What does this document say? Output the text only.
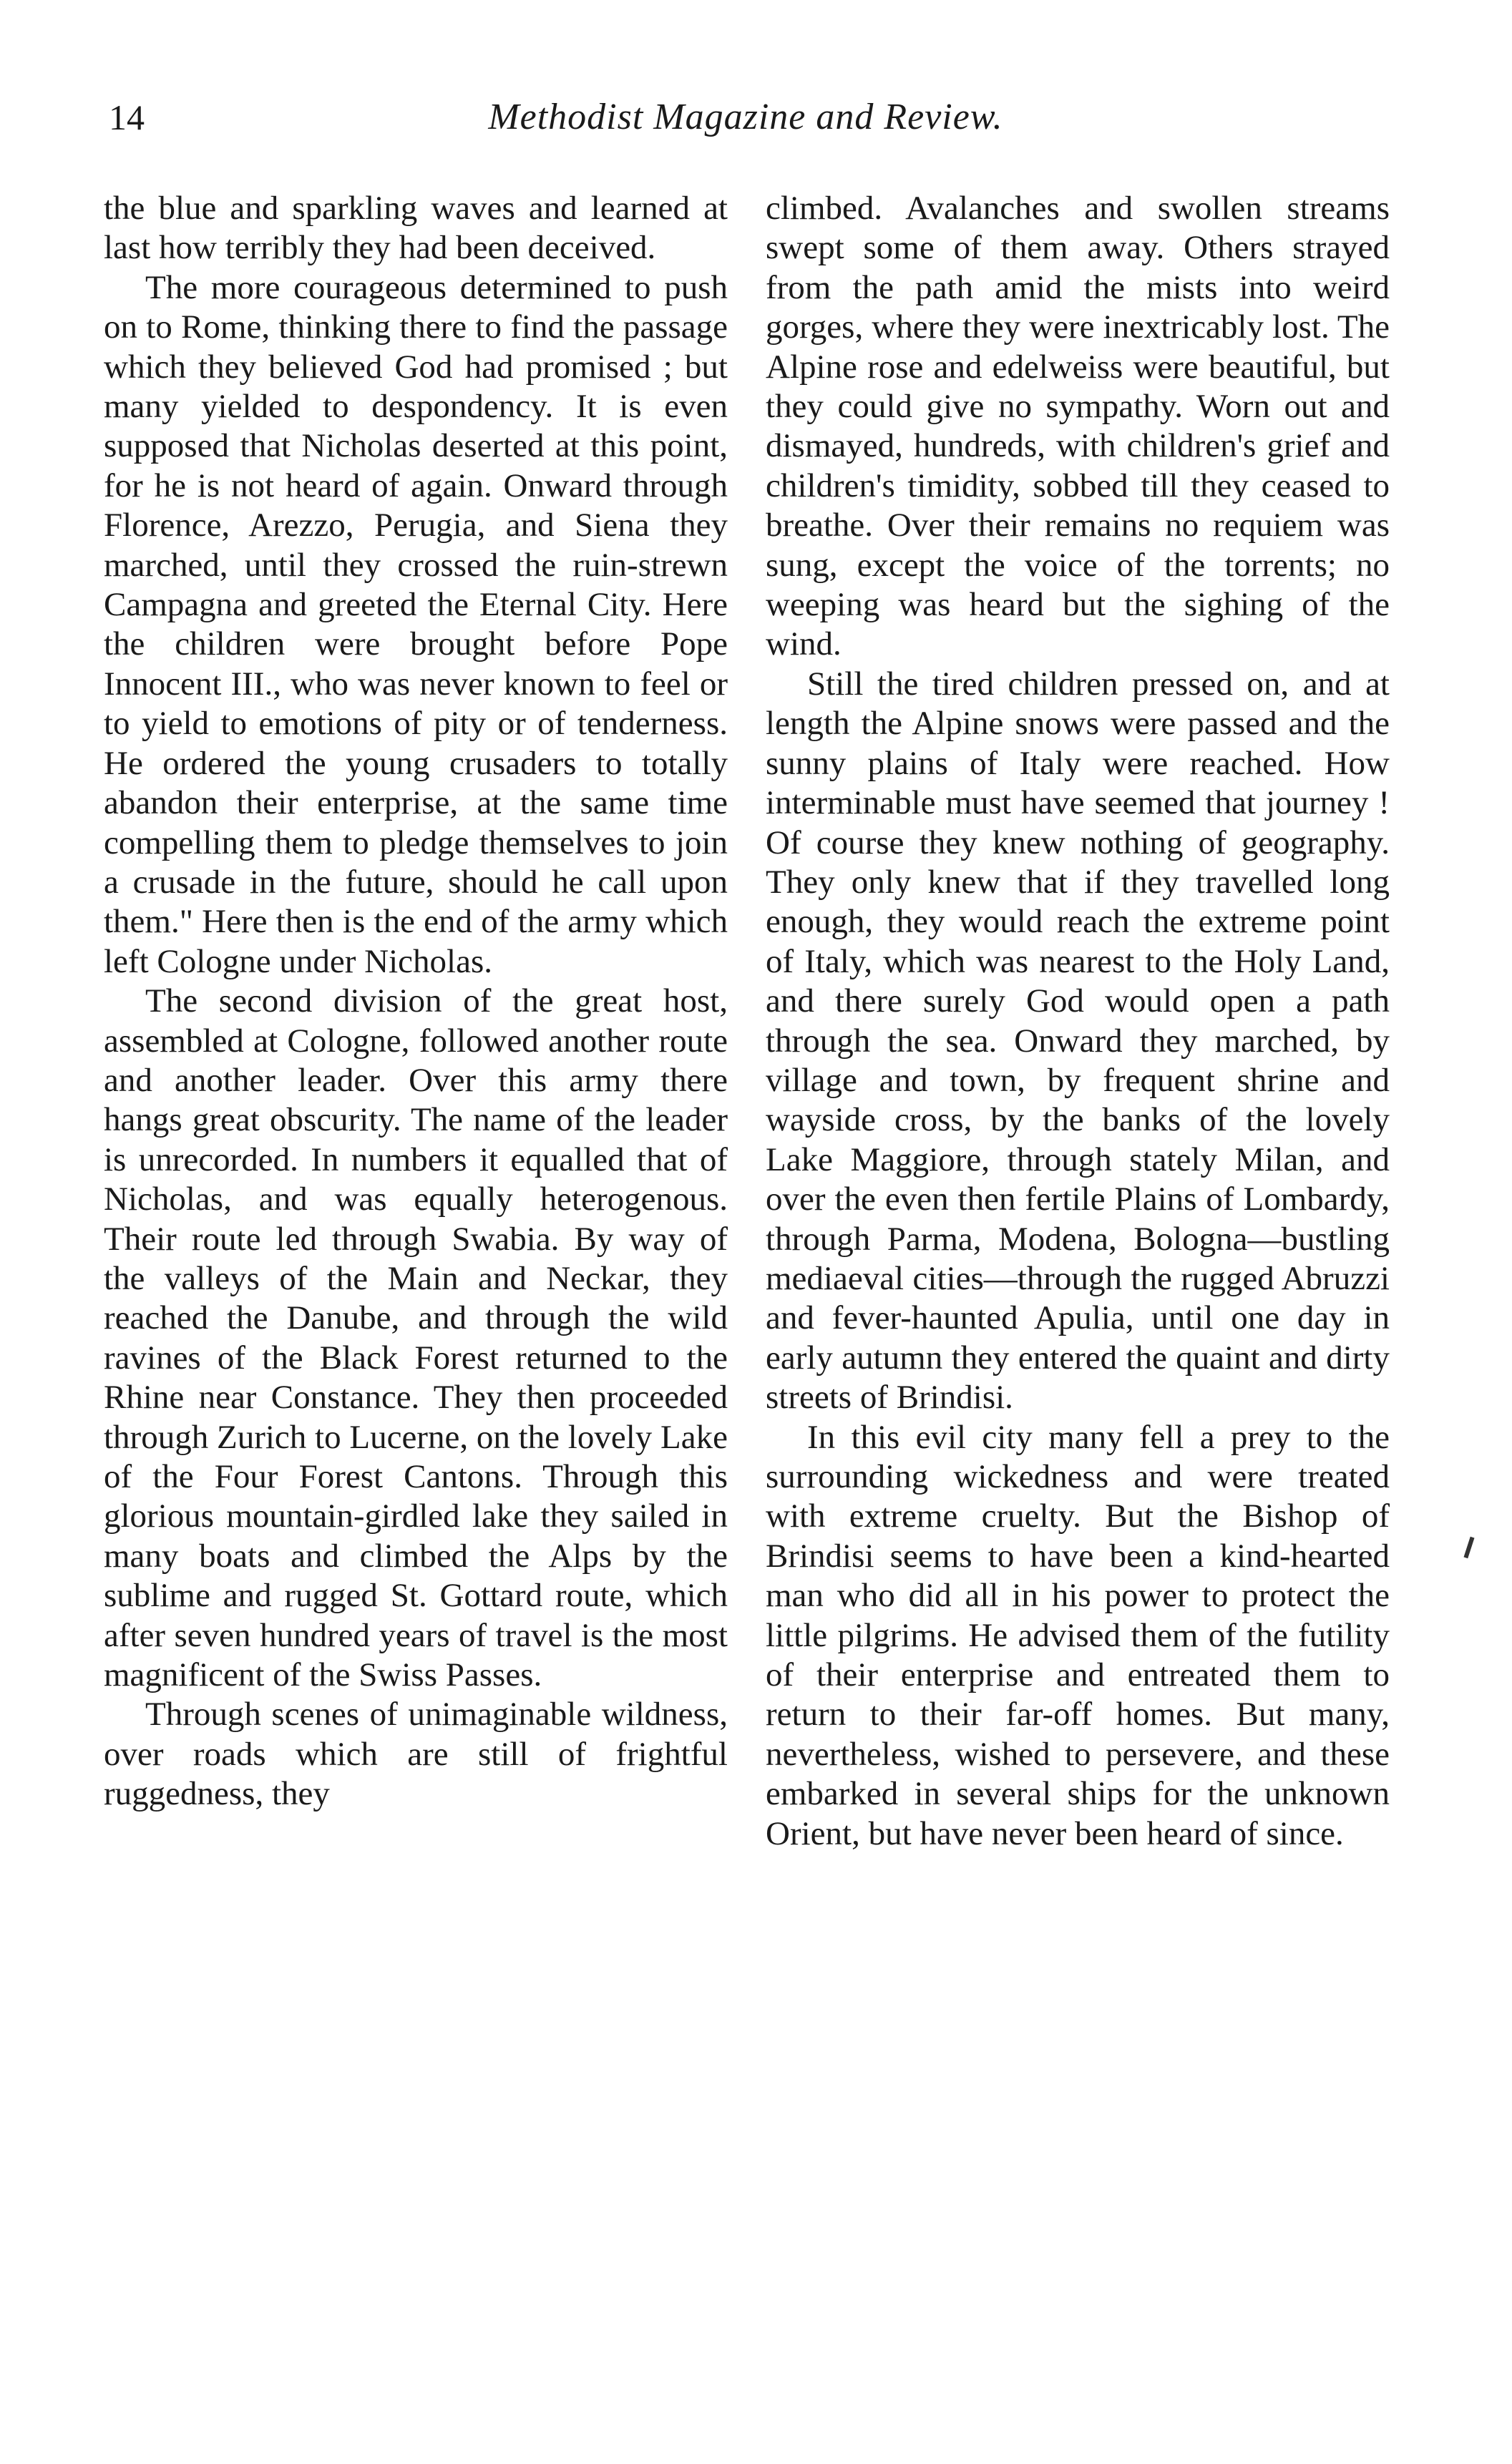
14	Methodist Magazine and Review.

the blue and sparkling waves and learned at last how terribly they had been deceived.

The more courageous determined to push on to Rome, thinking there to find the passage which they believed God had promised ; but many yielded to despondency. It is even supposed that Nicholas deserted at this point, for he is not heard of again. Onward through Florence, Arezzo, Perugia, and Siena they marched, until they crossed the ruin-strewn Campagna and greeted the Eternal City. Here the children were brought before Pope Innocent III., who was never known to feel or to yield to emotions of pity or of tenderness. He ordered the young crusaders to totally abandon their enterprise, at the same time compelling them to pledge themselves to join a crusade in the future, should he call upon them." Here then is the end of the army which left Cologne under Nicholas.

The second division of the great host, assembled at Cologne, followed another route and another leader. Over this army there hangs great obscurity. The name of the leader is unrecorded. In numbers it equalled that of Nicholas, and was equally heterogenous. Their route led through Swabia. By way of the valleys of the Main and Neckar, they reached the Danube, and through the wild ravines of the Black Forest returned to the Rhine near Constance. They then proceeded through Zurich to Lucerne, on the lovely Lake of the Four Forest Cantons. Through this glorious mountain-girdled lake they sailed in many boats and climbed the Alps by the sublime and rugged St. Gottard route, which after seven hundred years of travel is the most magnificent of the Swiss Passes.

Through scenes of unimaginable wildness, over roads which are still of frightful ruggedness, they

climbed. Avalanches and swollen streams swept some of them away. Others strayed from the path amid the mists into weird gorges, where they were inextricably lost. The Alpine rose and edelweiss were beautiful, but they could give no sympathy. Worn out and dismayed, hundreds, with children's grief and children's timidity, sobbed till they ceased to breathe. Over their remains no requiem was sung, except the voice of the torrents; no weeping was heard but the sighing of the wind.

Still the tired children pressed on, and at length the Alpine snows were passed and the sunny plains of Italy were reached. How interminable must have seemed that journey ! Of course they knew nothing of geography. They only knew that if they travelled long enough, they would reach the extreme point of Italy, which was nearest to the Holy Land, and there surely God would open a path through the sea. Onward they marched, by village and town, by frequent shrine and wayside cross, by the banks of the lovely Lake Maggiore, through stately Milan, and over the even then fertile Plains of Lombardy, through Parma, Modena, Bologna—bustling mediaeval cities—through the rugged Abruzzi and fever-haunted Apulia, until one day in early autumn they entered the quaint and dirty streets of Brindisi.

In this evil city many fell a prey to the surrounding wickedness and were treated with extreme cruelty. But the Bishop of Brindisi seems to have been a kind-hearted man who did all in his power to protect the little pilgrims. He advised them of the futility of their enterprise and entreated them to return to their far-off homes. But many, nevertheless, wished to persevere, and these embarked in several ships for the unknown Orient, but have never been heard of since.
